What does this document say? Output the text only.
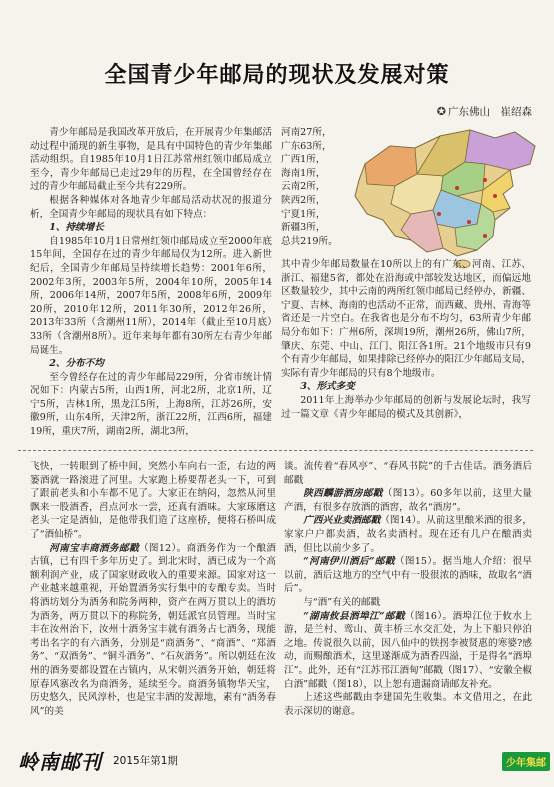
全国青少年邮局的现状及发展对策
✪ 广东佛山　崔绍森

青少年邮局是我国改革开放后，在开展青少年集邮活动过程中涌现的新生事物，是具有中国特色的青少年集邮活动组织。自1985年10月1日江苏常州红领巾邮局成立至今，青少年邮局已走过29年的历程，在全国曾经存在过的青少年邮局截止至今共有229所。

根据各种媒体对各地青少年邮局活动状况的报道分析，全国青少年邮局的现状具有如下特点：

1、持续增长

自1985年10月1日常州红领巾邮局成立至2000年底15年间，全国存在过的青少年邮局仅为12所。进入新世纪后，全国青少年邮局呈持续增长趋势：2001年6所，2002年3所，2003年5所，2004年10所，2005年14所，2006年14所，2007年5所，2008年6所，2009年20所，2010年12所，2011年30所，2012年26所，2013年33所（含潮州11所），2014年（截止至10月底）33所（含潮州8所）。近年来每年都有30所左右青少年邮局诞生。

2、分布不均

至今曾经存在过的青少年邮局229所，分省市统计情况如下：内蒙古5所，山西1所，河北2所，北京1所，辽宁5所，吉林1所，黑龙江5所，上海8所，江苏26所，安徽9所，山东4所，天津2所，浙江22所，江西6所，福建19所，重庆7所，湖南2所，湖北3所，

河南27所，

广东63所，

广西1所，

海南1所，

云南2所，

陕西2所，

宁夏1所，

新疆3所，

总共219所。

其中青少年邮局数量在10所以上的有广东、河南、江苏、浙江、福建5省，都处在沿海或中部较发达地区，而偏远地区数量较少，其中云南的两所红领巾邮局已经停办，新疆、宁夏、吉林、海南的也活动不正常，而西藏、贵州、青海等省还是一片空白。在我省也是分布不均匀，63所青少年邮局分布如下：广州6所，深圳19所，潮州26所，佛山7所，肇庆、东莞、中山、江门、阳江各1所。21个地级市只有9个有青少年邮局，如果排除已经停办的阳江少年邮局支局，实际有青少年邮局的只有8个地级市。

3、形式多变

2011年上海举办少年邮局的创新与发展论坛时，我写过一篇文章《青少年邮局的模式及其创新》，

飞快，一转眼到了桥中间，突然小车向右一歪，右边的两篓酒就一路滚进了河里。大家跑上桥要帮老头一下，可到了跟前老头和小车都不见了。大家正在纳闷，忽然从河里飘来一股酒香，舀点河水一尝，还真有酒味。大家琢磨这老头一定是酒仙，是他带我们造了这座桥，便将石桥叫成了“酒仙桥”。

河南宝丰商酒务邮戳（图12）。商酒务作为一个酿酒古镇，已有四千多年历史了。到北宋时，酒已成为一个高额利润产业，成了国家财政收入的重要来源。国家对这一产业越来越重视，开始置酒务实行集中的专酿专卖。当时将酒坊划分为酒务和院务两种，资产在两万贯以上的酒坊为酒务，两万贯以下的称院务，朝廷派官员管理。当时宝丰在汝州治下，汝州十酒务宝丰就有酒务占七酒务，现能考出名字的有六酒务，分别是“商酒务”、“商酒”、“郑酒务”、“双酒务”、“铜斗酒务”、“石灰酒务”。所以朝廷在汝州的酒务要都设置在古镇内，从宋朝兴酒务开始，朝廷将原春风寨改名为商酒务，延续至今。商酒务镇物华天宝，历史悠久，民风淳朴，也是宝丰酒的发源地，素有“酒务春风”的美

谈。流传着“春风亭”、“春风书院”的千古佳话。酒务酒后邮戳

陕西麟游酒房邮戳（图13）。60多年以前，这里大量产酒，有很多存放酒的酒窖，故名“酒房”。

广西兴业卖酒邮戳（图14）。从前这里酿米酒的很多，家家户户都卖酒，故名卖酒村。现在还有几户在酿酒卖酒，但比以前少多了。

“河南伊川酒后”邮戳（图15）。据当地人介绍：很早以前，酒后这地方的空气中有一股很浓的酒味，故取名“酒后”。

与“酒”有关的邮戳

“湖南攸县酒埠江”邮戳（图16）。酒埠江位于攸水上游，是兰村、鸾山、黄丰桥三水交汇处，为上下船只停泊之地。传说很久以前，因八仙中的铁拐李被贤惠的寒婆?感动，而赐酿酒术，这里遂渐成为酒香四溢，于是得名“酒埠江”。此外，还有“江苏邗江酒甸”邮戳（图17）、“安徽全椒白酒”邮戳（图18），以上恕有遗漏商请邮友补充。

上述这些邮戳由李建国先生收集。本文借用之，在此表示深切的谢意。

岭南邮刊 2015年第1期	少年集邮
